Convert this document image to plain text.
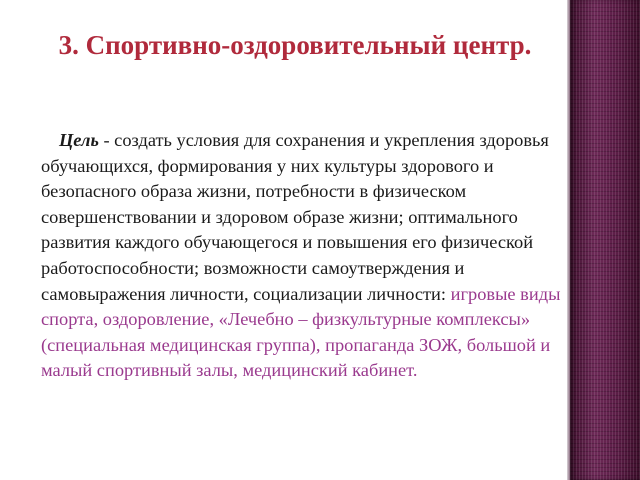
3. Спортивно-оздоровительный центр.

Цель - создать условия для сохранения и укрепления здоровья обучающихся, формирования у них культуры здорового и безопасного образа жизни, потребности в физическом совершенствовании и здоровом образе жизни; оптимального развития каждого обучающегося и повышения его физической работоспособности; возможности самоутверждения и самовыражения личности, социализации личности: игровые виды спорта, оздоровление, «Лечебно – физкультурные комплексы» (специальная медицинская группа), пропаганда ЗОЖ, большой и малый спортивный залы, медицинский кабинет.
